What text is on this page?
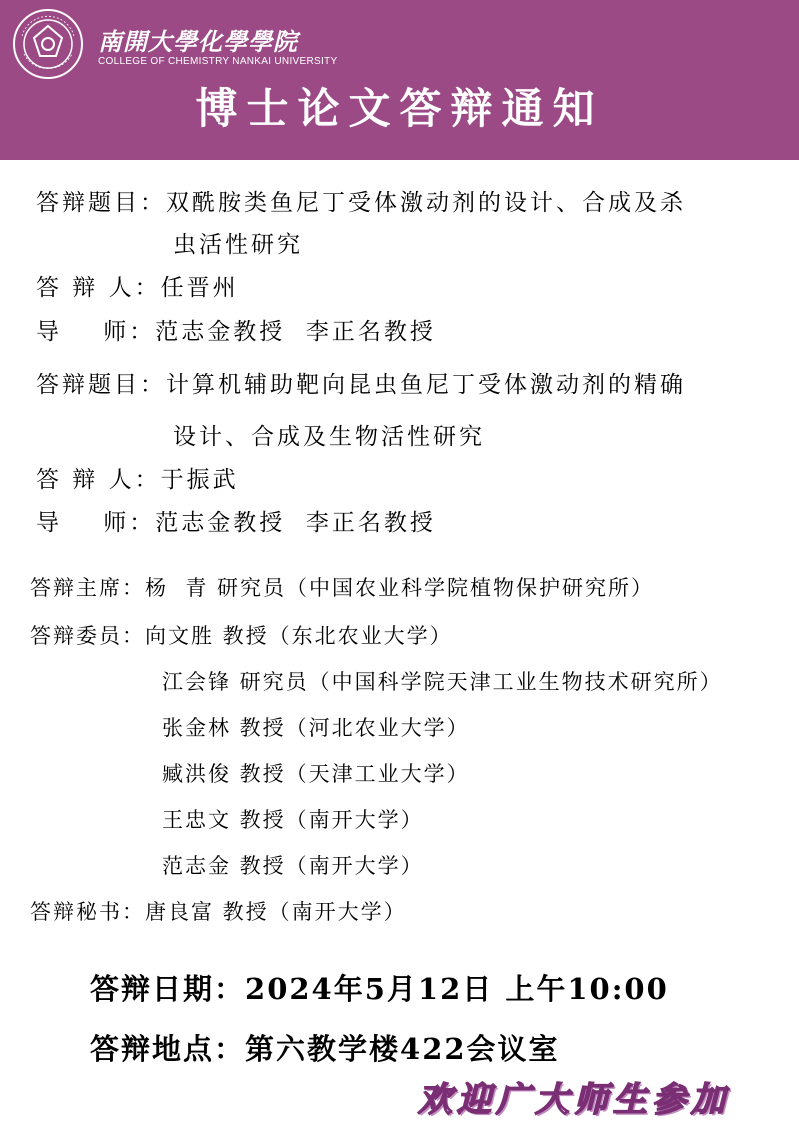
南開大學化學學院
COLLEGE OF CHEMISTRY NANKAI UNIVERSITY
博士论文答辩通知
答辩题目：双酰胺类鱼尼丁受体激动剂的设计、合成及杀
虫活性研究
答 辩 人：任晋州
导    师：范志金教授  李正名教授
答辩题目：计算机辅助靶向昆虫鱼尼丁受体激动剂的精确
设计、合成及生物活性研究
答 辩 人：于振武
导    师：范志金教授  李正名教授
答辩主席：杨  青 研究员（中国农业科学院植物保护研究所）
答辩委员：向文胜 教授（东北农业大学）
江会锋 研究员（中国科学院天津工业生物技术研究所）
张金林 教授（河北农业大学）
臧洪俊 教授（天津工业大学）
王忠文 教授（南开大学）
范志金 教授（南开大学）
答辩秘书：唐良富 教授（南开大学）
答辩日期：2024年5月12日 上午10:00
答辩地点：第六教学楼422会议室
欢迎广大师生参加
